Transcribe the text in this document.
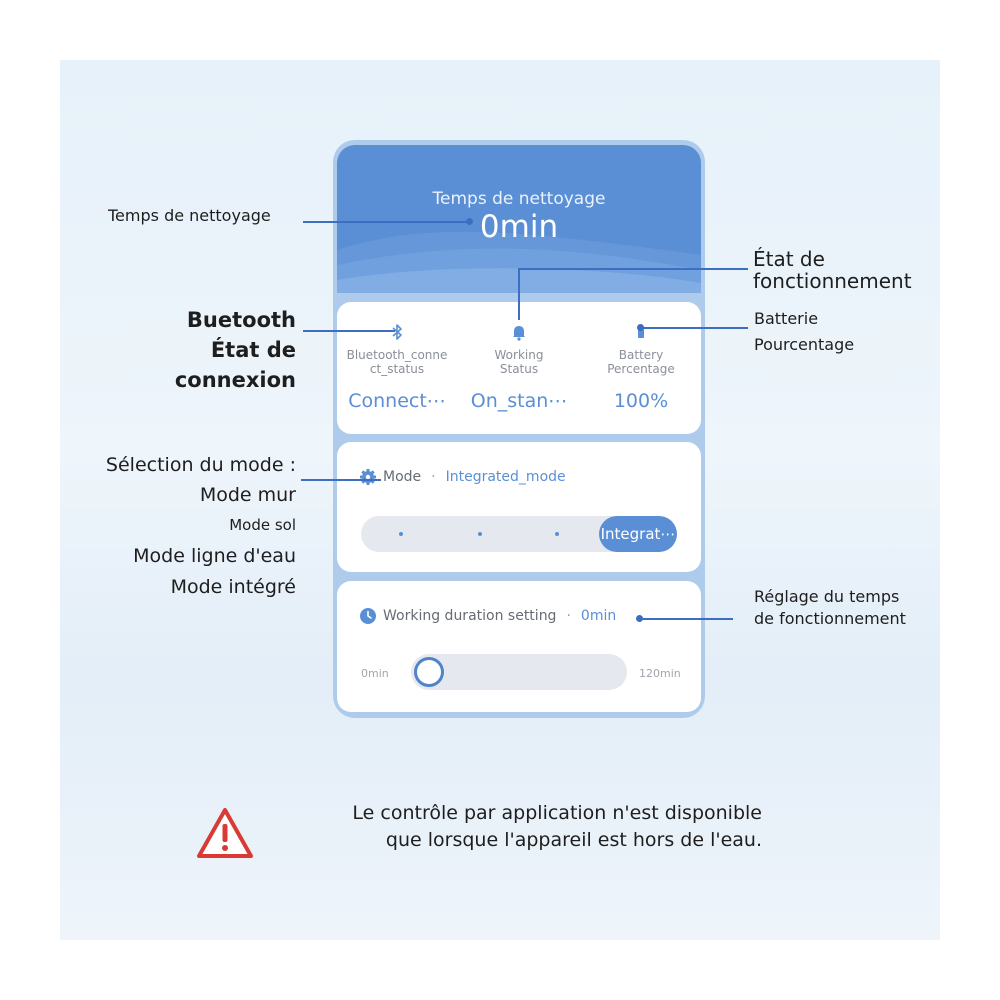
Temps de nettoyage
0min
Bluetooth_conne
ct_status
Connect⋯
Working
Status
On_stan⋯
Battery
Percentage
100%
Mode · Integrated_mode
Integrat⋯
Working duration setting · 0min
0min	120min
Temps de nettoyage
État de
fonctionnement
Buetooth
État de connexion
Batterie
Pourcentage
Sélection du mode :
Mode mur
Mode sol
Mode ligne d'eau
Mode intégré	Réglage du temps
de fonctionnement
Le contrôle par application n'est disponible
que lorsque l'appareil est hors de l'eau.
